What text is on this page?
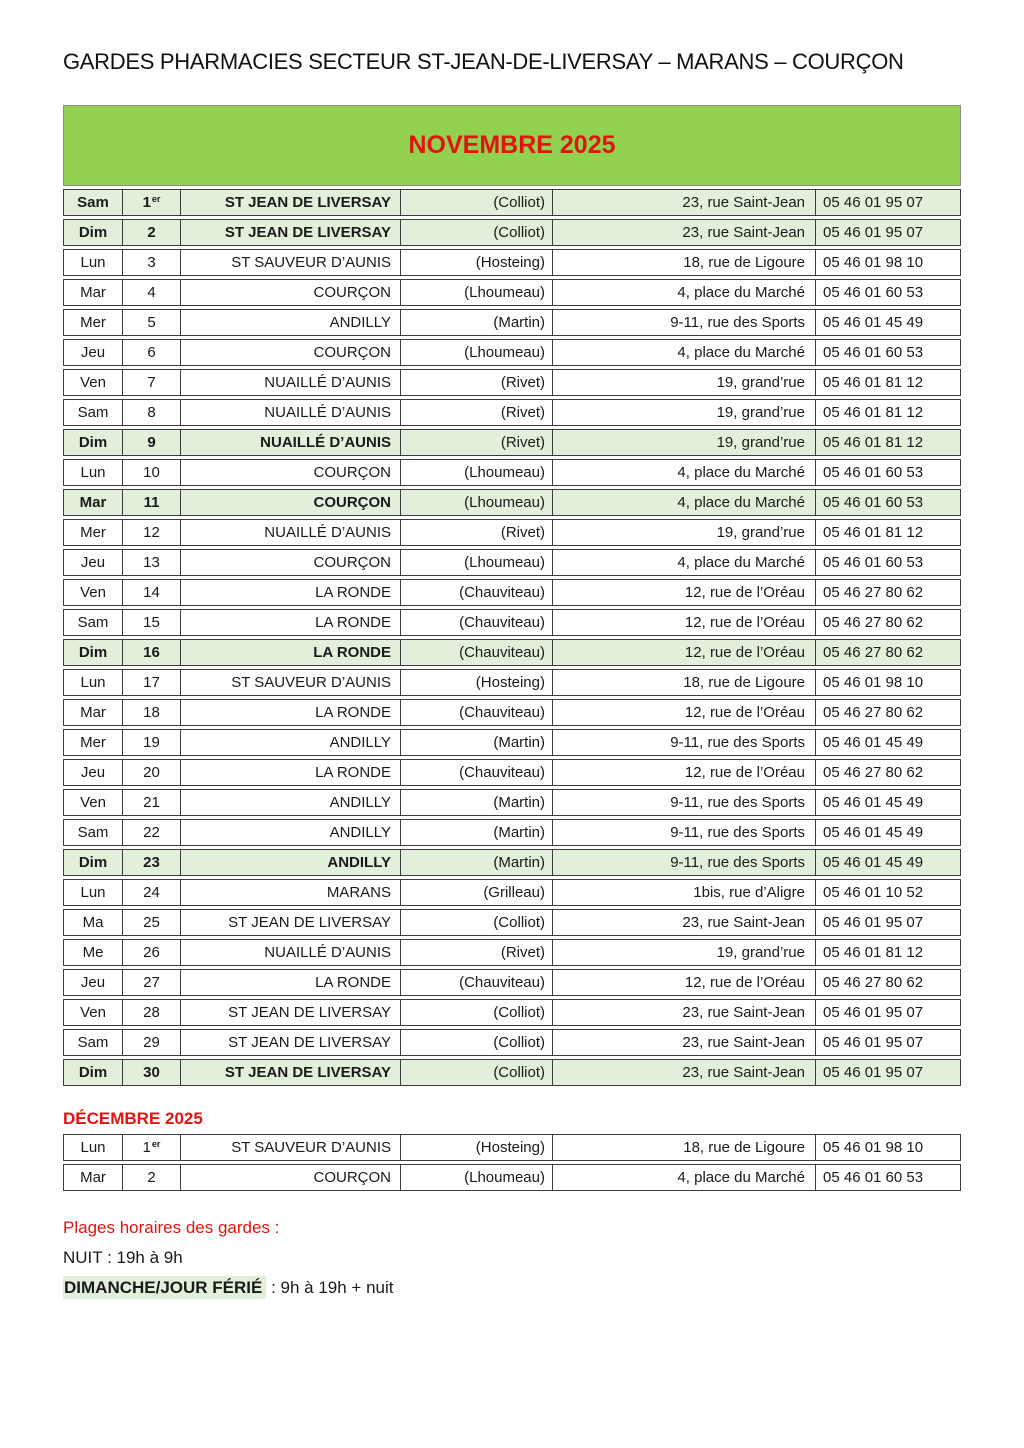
GARDES PHARMACIES SECTEUR ST-JEAN-DE-LIVERSAY – MARANS – COURÇON
NOVEMBRE 2025
Sam	1 er	ST JEAN DE LIVERSAY	(Colliot)	23, rue Saint-Jean	05 46 01 95 07
Dim	2	ST JEAN DE LIVERSAY	(Colliot)	23, rue Saint-Jean	05 46 01 95 07
Lun	3	ST SAUVEUR D’AUNIS	(Hosteing)	18, rue de Ligoure	05 46 01 98 10
Mar	4	COURÇON	(Lhoumeau)	4, place du Marché	05 46 01 60 53
Mer	5	ANDILLY	(Martin)	9-11, rue des Sports	05 46 01 45 49
Jeu	6	COURÇON	(Lhoumeau)	4, place du Marché	05 46 01 60 53
Ven	7	NUAILLÉ D’AUNIS	(Rivet)	19, grand’rue	05 46 01 81 12
Sam	8	NUAILLÉ D’AUNIS	(Rivet)	19, grand’rue	05 46 01 81 12
Dim	9	NUAILLÉ D’AUNIS	(Rivet)	19, grand’rue	05 46 01 81 12
Lun	10	COURÇON	(Lhoumeau)	4, place du Marché	05 46 01 60 53
Mar	11	COURÇON	(Lhoumeau)	4, place du Marché	05 46 01 60 53
Mer	12	NUAILLÉ D’AUNIS	(Rivet)	19, grand’rue	05 46 01 81 12
Jeu	13	COURÇON	(Lhoumeau)	4, place du Marché	05 46 01 60 53
Ven	14	LA RONDE	(Chauviteau)	12, rue de l’Oréau	05 46 27 80 62
Sam	15	LA RONDE	(Chauviteau)	12, rue de l’Oréau	05 46 27 80 62
Dim	16	LA RONDE	(Chauviteau)	12, rue de l’Oréau	05 46 27 80 62
Lun	17	ST SAUVEUR D’AUNIS	(Hosteing)	18, rue de Ligoure	05 46 01 98 10
Mar	18	LA RONDE	(Chauviteau)	12, rue de l’Oréau	05 46 27 80 62
Mer	19	ANDILLY	(Martin)	9-11, rue des Sports	05 46 01 45 49
Jeu	20	LA RONDE	(Chauviteau)	12, rue de l’Oréau	05 46 27 80 62
Ven	21	ANDILLY	(Martin)	9-11, rue des Sports	05 46 01 45 49
Sam	22	ANDILLY	(Martin)	9-11, rue des Sports	05 46 01 45 49
Dim	23	ANDILLY	(Martin)	9-11, rue des Sports	05 46 01 45 49
Lun	24	MARANS	(Grilleau)	1bis, rue d’Aligre	05 46 01 10 52
Ma	25	ST JEAN DE LIVERSAY	(Colliot)	23, rue Saint-Jean	05 46 01 95 07
Me	26	NUAILLÉ D’AUNIS	(Rivet)	19, grand’rue	05 46 01 81 12
Jeu	27	LA RONDE	(Chauviteau)	12, rue de l’Oréau	05 46 27 80 62
Ven	28	ST JEAN DE LIVERSAY	(Colliot)	23, rue Saint-Jean	05 46 01 95 07
Sam	29	ST JEAN DE LIVERSAY	(Colliot)	23, rue Saint-Jean	05 46 01 95 07
Dim	30	ST JEAN DE LIVERSAY	(Colliot)	23, rue Saint-Jean	05 46 01 95 07
DÉCEMBRE 2025
Lun	1 er	ST SAUVEUR D’AUNIS	(Hosteing)	18, rue de Ligoure	05 46 01 98 10
Mar	2	COURÇON	(Lhoumeau)	4, place du Marché	05 46 01 60 53

Plages horaires des gardes :

NUIT : 19h à 9h

DIMANCHE/JOUR FÉRIÉ : 9h à 19h + nuit
